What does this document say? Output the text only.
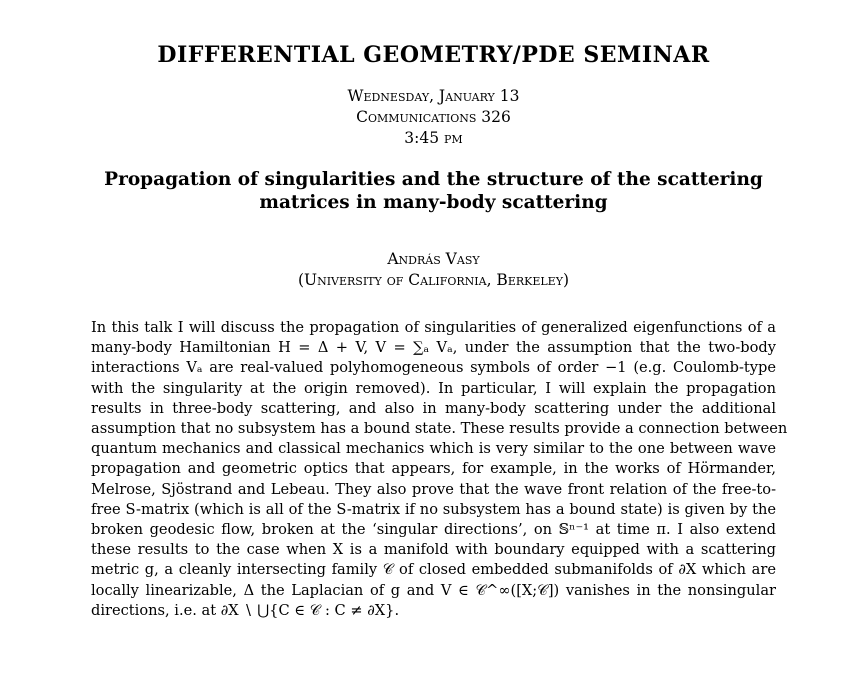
DIFFERENTIAL GEOMETRY/PDE SEMINAR
Wednesday, January 13
Communications 326
3:45 pm
Propagation of singularities and the structure of the scattering
matrices in many-body scattering
András Vasy
(University of California, Berkeley)
In this talk I will discuss the propagation of singularities of generalized eigenfunctions of a
many-body Hamiltonian H = Δ + V, V = ∑ₐ Vₐ, under the assumption that the two-body
interactions Vₐ are real-valued polyhomogeneous symbols of order −1 (e.g. Coulomb-type
with the singularity at the origin removed). In particular, I will explain the propagation
results in three-body scattering, and also in many-body scattering under the additional
assumption that no subsystem has a bound state. These results provide a connection between
quantum mechanics and classical mechanics which is very similar to the one between wave
propagation and geometric optics that appears, for example, in the works of Hörmander,
Melrose, Sjöstrand and Lebeau. They also prove that the wave front relation of the free-to-
free S-matrix (which is all of the S-matrix if no subsystem has a bound state) is given by the
broken geodesic flow, broken at the ‘singular directions’, on 𝕊ⁿ⁻¹ at time π. I also extend
these results to the case when X is a manifold with boundary equipped with a scattering
metric g, a cleanly intersecting family 𝒞 of closed embedded submanifolds of ∂X which are
locally linearizable, Δ the Laplacian of g and V ∈ 𝒞^∞([X;𝒞]) vanishes in the nonsingular
directions, i.e. at ∂X ∖ ⋃{C ∈ 𝒞 : C ≠ ∂X}.
